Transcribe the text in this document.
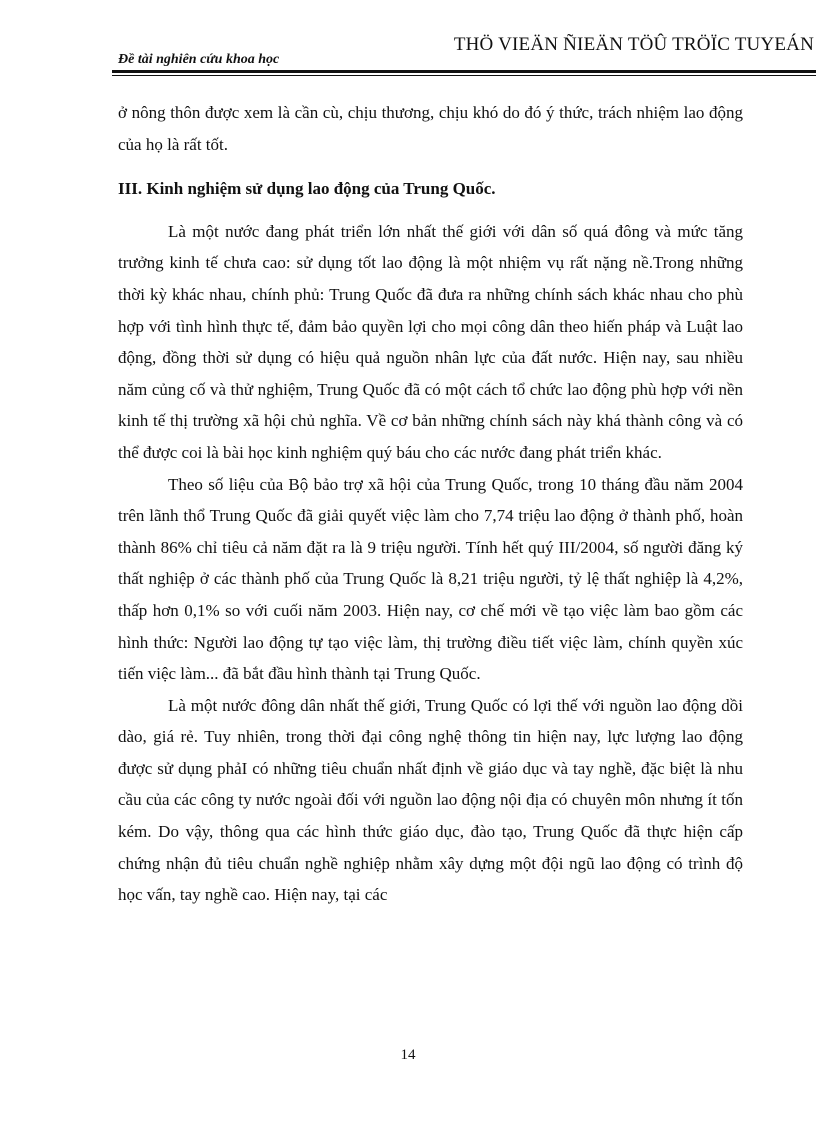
Đề tài nghiên cứu khoa học
THÖ VIEÄN ÑIEÄN TÖÛ TRÖÏC TUYEÁN

ở nông thôn được xem là cần cù, chịu thương, chịu khó do đó ý thức, trách nhiệm lao động của họ là rất tốt.

III. Kinh nghiệm sử dụng lao động của Trung Quốc.

Là một nước đang phát triển lớn nhất thế giới với dân số quá đông và mức tăng trưởng kinh tế chưa cao: sử dụng tốt lao động là một nhiệm vụ rất nặng nề.Trong những thời kỳ khác nhau, chính phủ: Trung Quốc đã đưa ra những chính sách khác nhau cho phù hợp với tình hình thực tế, đảm bảo quyền lợi cho mọi công dân theo hiến pháp và Luật lao động, đồng thời sử dụng có hiệu quả nguồn nhân lực của đất nước. Hiện nay, sau nhiều năm củng cố và thử nghiệm, Trung Quốc đã có một cách tổ chức lao động phù hợp với nền kinh tế thị trường xã hội chủ nghĩa. Về cơ bản những chính sách này khá thành công và có thể được coi là bài học kinh nghiệm quý báu cho các nước đang phát triển khác.

Theo số liệu của Bộ bảo trợ xã hội của Trung Quốc, trong 10 tháng đầu năm 2004 trên lãnh thổ Trung Quốc đã giải quyết việc làm cho 7,74 triệu lao động ở thành phố, hoàn thành 86% chỉ tiêu cả năm đặt ra là 9 triệu người. Tính hết quý III/2004, số người đăng ký thất nghiệp ở các thành phố của Trung Quốc là 8,21 triệu người, tỷ lệ thất nghiệp là 4,2%, thấp hơn 0,1% so với cuối năm 2003. Hiện nay, cơ chế mới về tạo việc làm bao gồm các hình thức: Người lao động tự tạo việc làm, thị trường điều tiết việc làm, chính quyền xúc tiến việc làm... đã bắt đầu hình thành tại Trung Quốc.

Là một nước đông dân nhất thế giới, Trung Quốc có lợi thế với nguồn lao động dồi dào, giá rẻ. Tuy nhiên, trong thời đại công nghệ thông tin hiện nay, lực lượng lao động được sử dụng phảI có những tiêu chuẩn nhất định về giáo dục và tay nghề, đặc biệt là nhu cầu của các công ty nước ngoài đối với nguồn lao động nội địa có chuyên môn nhưng ít tốn kém. Do vậy, thông qua các hình thức giáo dục, đào tạo, Trung Quốc đã thực hiện cấp chứng nhận đủ tiêu chuẩn nghề nghiệp nhằm xây dựng một đội ngũ lao động có trình độ học vấn, tay nghề cao. Hiện nay, tại các

14
